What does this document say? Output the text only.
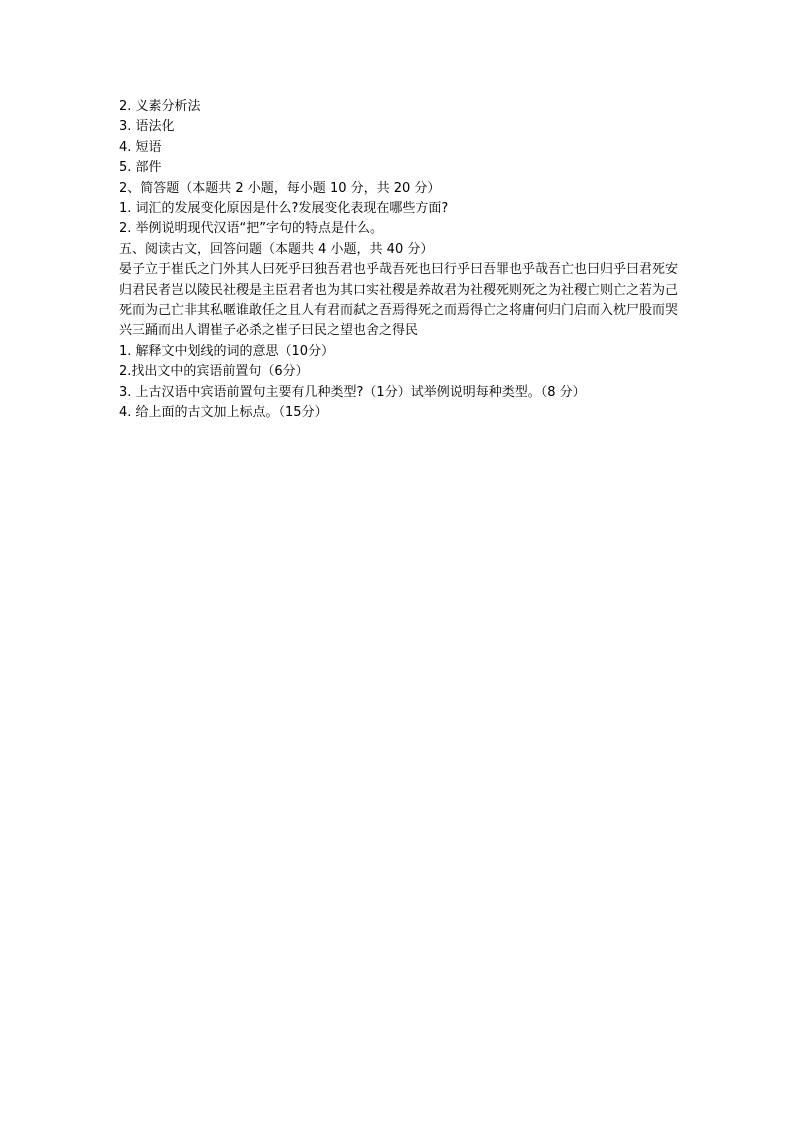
2. 义素分析法
3. 语法化
4. 短语
5. 部件
2、简答题（本题共 2 小题，每小题 10 分，共 20 分）
1. 词汇的发展变化原因是什么?发展变化表现在哪些方面?
2. 举例说明现代汉语“把”字句的特点是什么。
五、阅读古文，回答问题（本题共 4 小题，共 40 分）
晏子立于崔氏之门外其人曰死乎曰独吾君也乎哉吾死也曰行乎曰吾罪也乎哉吾亡也曰归乎曰君死安归君民者岂以陵民社稷是主臣君者也为其口实社稷是养故君为社稷死则死之为社稷亡则亡之若为己死而为己亡非其私暱谁敢任之且人有君而弑之吾焉得死之而焉得亡之将庸何归门启而入枕尸股而哭兴三踊而出人谓崔子必杀之崔子曰民之望也舍之得民
1. 解释文中划线的词的意思（10分）
2.找出文中的宾语前置句（6分）
3. 上古汉语中宾语前置句主要有几种类型?（1分）试举例说明每种类型。（8 分）
4. 给上面的古文加上标点。（15分）
